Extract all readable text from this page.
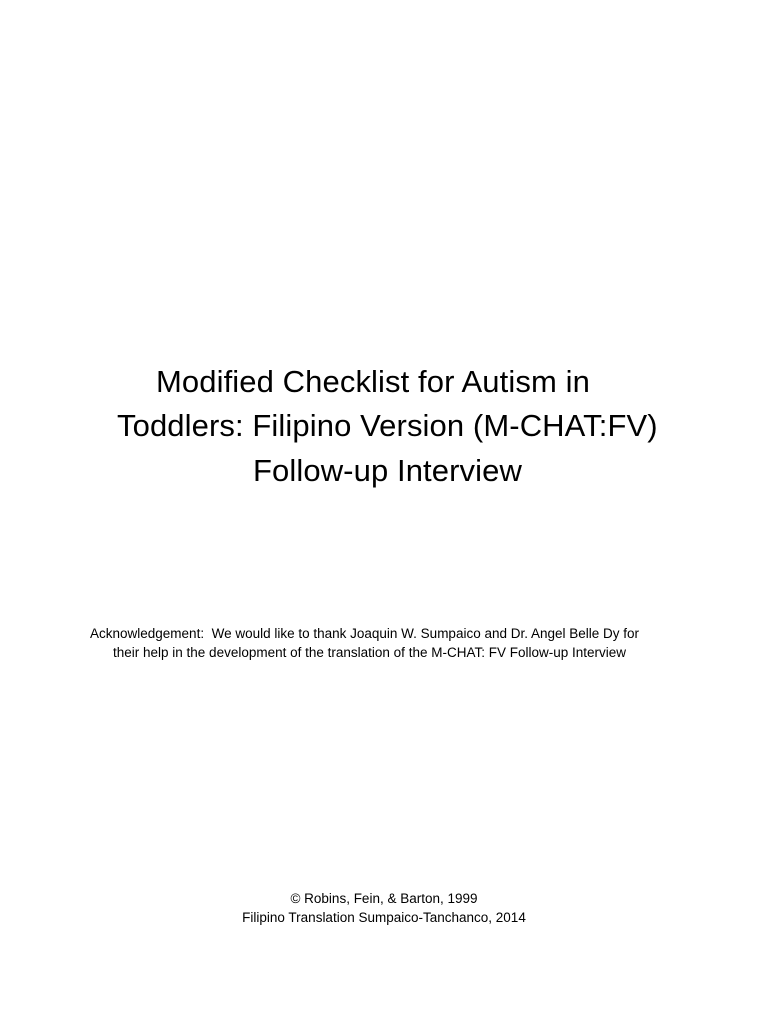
Modified Checklist for Autism in
Toddlers: Filipino Version (M-CHAT:FV)
Follow-up Interview
Acknowledgement:  We would like to thank Joaquin W. Sumpaico and Dr. Angel Belle Dy for
their help in the development of the translation of the M-CHAT: FV Follow-up Interview
© Robins, Fein, & Barton, 1999
Filipino Translation Sumpaico-Tanchanco, 2014
